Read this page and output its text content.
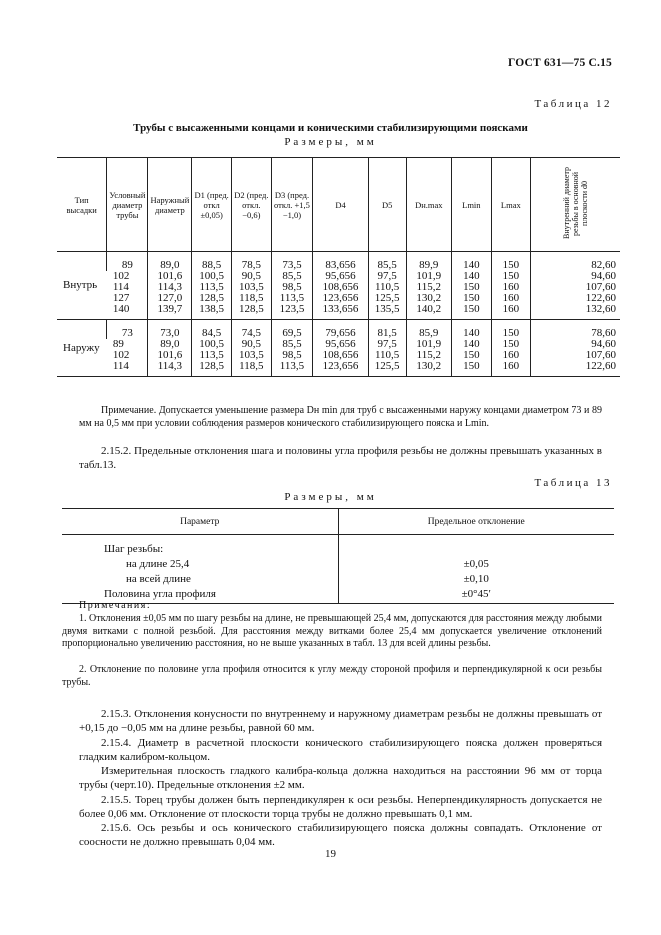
ГОСТ 631—75 С.15
Таблица 12
Трубы с высаженными концами и коническими стабилизирующими поясками
Размеры, мм
Тип высадки	Условный диаметр трубы	Наружный диаметр	D1 (пред. откл ±0,05)	D2 (пред. откл. −0,6)	D3 (пред. откл. +1,5 −1,0)	D4	D5	Dн.max	Lmin	Lmax	Внутренний диаметр резьбы в основной плоскости d0
Внутрь	89	89,0	88,5	78,5	73,5	83,656	85,5	89,9	140	150	82,60
	102	101,6	100,5	90,5	85,5	95,656	97,5	101,9	140	150	94,60
	114	114,3	113,5	103,5	98,5	108,656	110,5	115,2	150	160	107,60
	127	127,0	128,5	118,5	113,5	123,656	125,5	130,2	150	160	122,60
	140	139,7	138,5	128,5	123,5	133,656	135,5	140,2	150	160	132,60
Наружу	73	73,0	84,5	74,5	69,5	79,656	81,5	85,9	140	150	78,60
	89	89,0	100,5	90,5	85,5	95,656	97,5	101,9	140	150	94,60
	102	101,6	113,5	103,5	98,5	108,656	110,5	115,2	150	160	107,60
	114	114,3	128,5	118,5	113,5	123,656	125,5	130,2	150	160	122,60
Примечание. Допускается уменьшение размера Dн min для труб с высаженными наружу концами диаметром 73 и 89 мм на 0,5 мм при условии соблюдения размеров конического стабилизирующего пояска и Lmin.
2.15.2. Предельные отклонения шага и половины угла профиля резьбы не должны превышать указанных в табл.13.
Таблица 13
Размеры, мм
Параметр	Предельное отклонение
Шаг резьбы:	
на длине 25,4	±0,05
на всей длине	±0,10
Половина угла профиля	±0°45′
Примечания:
1. Отклонения ±0,05 мм по шагу резьбы на длине, не превышающей 25,4 мм, допускаются для расстояния между любыми двумя витками с полной резьбой. Для расстояния между витками более 25,4 мм допускается увеличение отклонений пропорционально увеличению расстояния, но не выше указанных в табл. 13 для всей длины резьбы.
2. Отклонение по половине угла профиля относится к углу между стороной профиля и перпендикулярной к оси резьбы трубы.
2.15.3. Отклонения конусности по внутреннему и наружному диаметрам резьбы не должны превышать от +0,15 до −0,05 мм на длине резьбы, равной 60 мм.
2.15.4. Диаметр в расчетной плоскости конического стабилизирующего пояска должен проверяться гладким калибром-кольцом.
Измерительная плоскость гладкого калибра-кольца должна находиться на расстоянии 96 мм от торца трубы (черт.10). Предельные отклонения ±2 мм.
2.15.5. Торец трубы должен быть перпендикулярен к оси резьбы. Неперпендикулярность допускается не более 0,06 мм. Отклонение от плоскости торца трубы не должно превышать 0,1 мм.
2.15.6. Ось резьбы и ось конического стабилизирующего пояска должны совпадать. Отклонение от соосности не должно превышать 0,04 мм.
19
